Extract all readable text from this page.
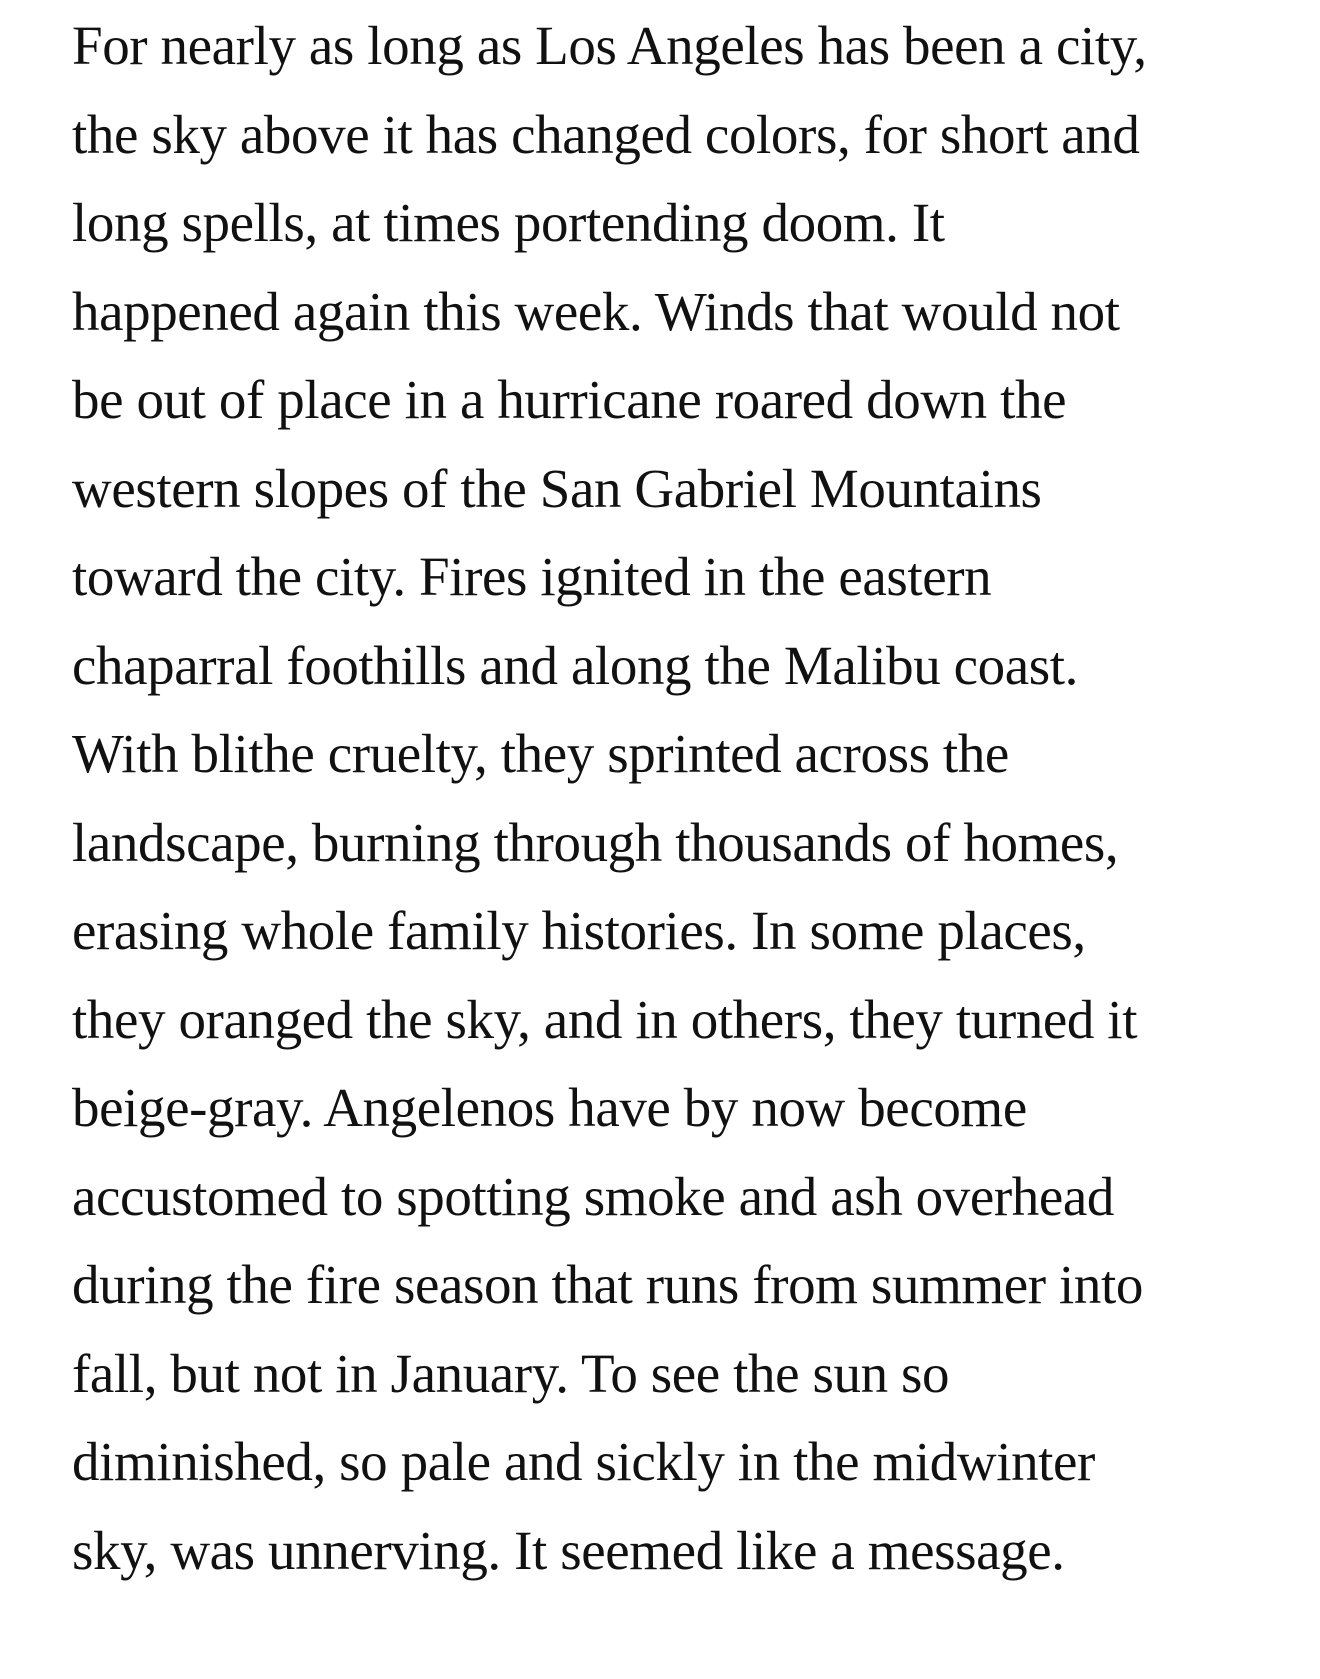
For nearly as long as Los Angeles has been a city,
the sky above it has changed colors, for short and
long spells, at times portending doom. It
happened again this week. Winds that would not
be out of place in a hurricane roared down the
western slopes of the San Gabriel Mountains
toward the city. Fires ignited in the eastern
chaparral foothills and along the Malibu coast.
With blithe cruelty, they sprinted across the
landscape, burning through thousands of homes,
erasing whole family histories. In some places,
they oranged the sky, and in others, they turned it
beige-gray. Angelenos have by now become
accustomed to spotting smoke and ash overhead
during the fire season that runs from summer into
fall, but not in January. To see the sun so
diminished, so pale and sickly in the midwinter
sky, was unnerving. It seemed like a message.
